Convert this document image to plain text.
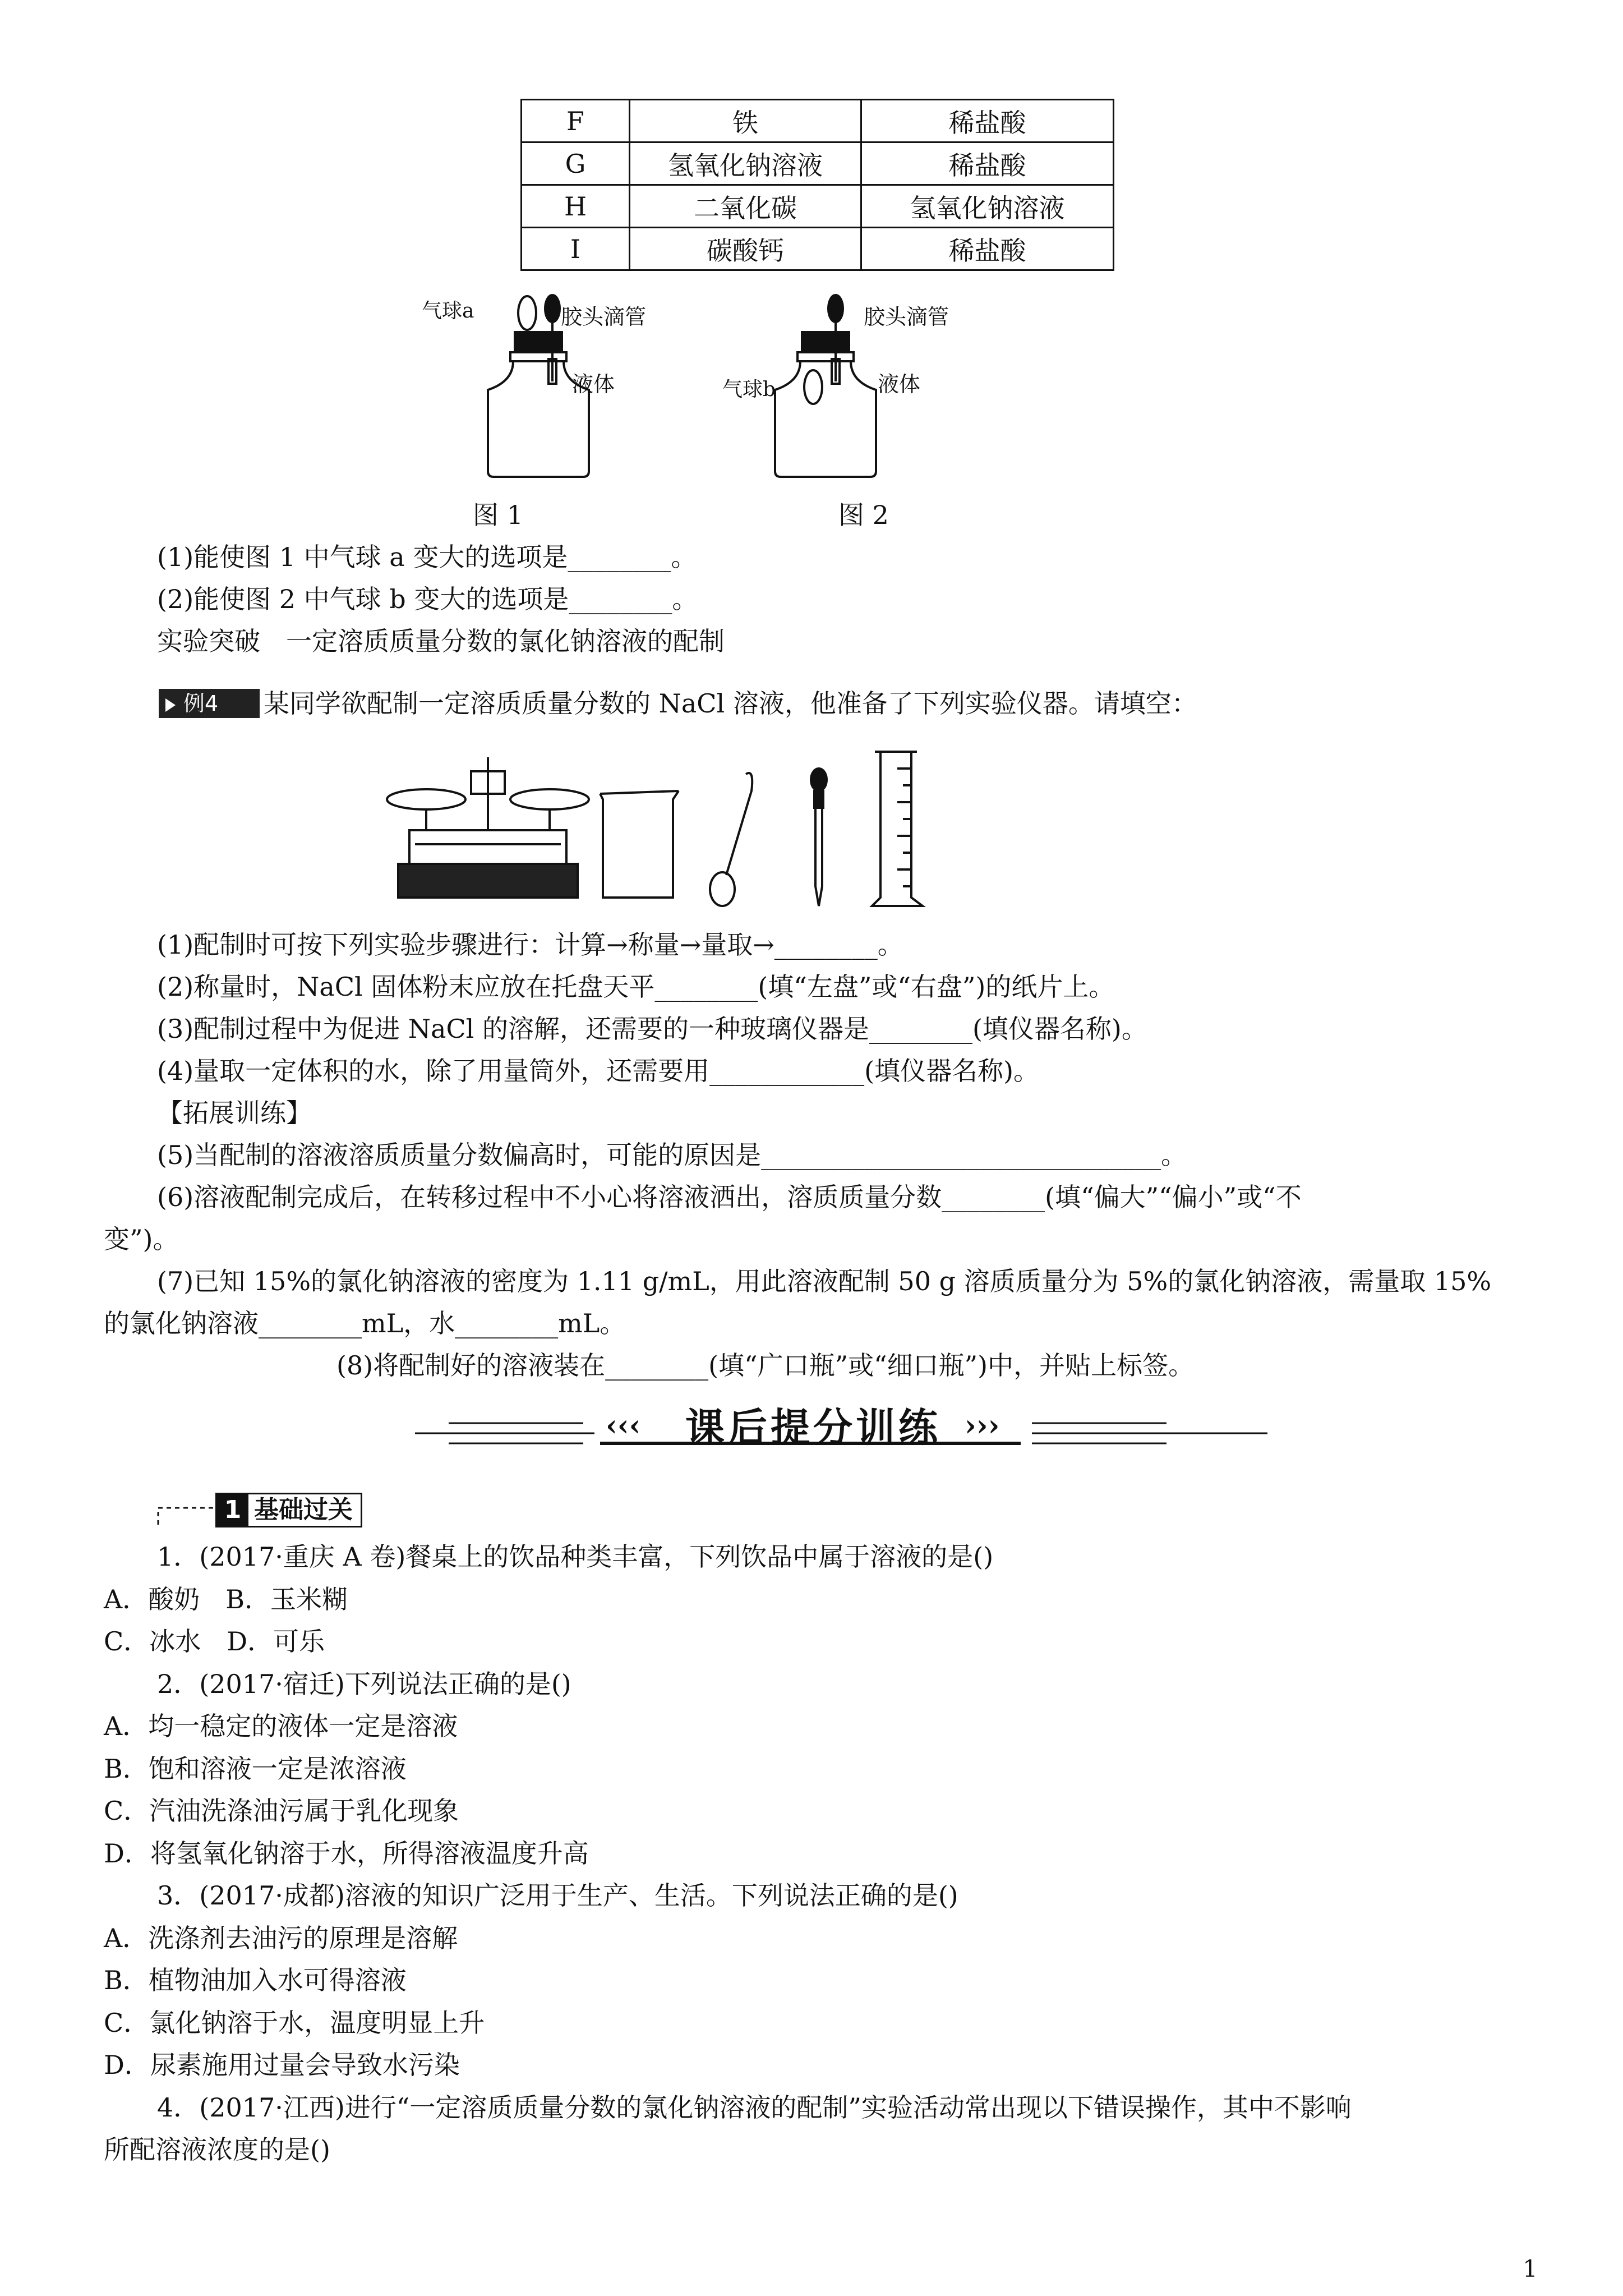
F	铁	稀盐酸
G	氢氧化钠溶液	稀盐酸
H	二氧化碳	氢氧化钠溶液
I	碳酸钙	稀盐酸
气球a	胶头滴管
液体
图 1
胶头滴管
气球b	液体
图 2
(1)能使图 1 中气球 a 变大的选项是________。
(2)能使图 2 中气球 b 变大的选项是________。
实验突破　一定溶质质量分数的氯化钠溶液的配制
例4	某同学欲配制一定溶质质量分数的 NaCl 溶液，他准备了下列实验仪器。请填空：
(1)配制时可按下列实验步骤进行：计算→称量→量取→________。
(2)称量时，NaCl 固体粉末应放在托盘天平________(填“左盘”或“右盘”)的纸片上。
(3)配制过程中为促进 NaCl 的溶解，还需要的一种玻璃仪器是________(填仪器名称)。
(4)量取一定体积的水，除了用量筒外，还需要用____________(填仪器名称)。
【拓展训练】
(5)当配制的溶液溶质质量分数偏高时，可能的原因是_______________________________。
(6)溶液配制完成后，在转移过程中不小心将溶液洒出，溶质质量分数________(填“偏大”“偏小”或“不
变”)。
(7)已知 15%的氯化钠溶液的密度为 1.11 g/mL，用此溶液配制 50 g 溶质质量分为 5%的氯化钠溶液，需量取 15%
的氯化钠溶液________mL，水________mL。
(8)将配制好的溶液装在________(填“广口瓶”或“细口瓶”)中，并贴上标签。
‹‹‹	课后提分训练 ›››
1 基础过关
1．(2017·重庆 A 卷)餐桌上的饮品种类丰富，下列饮品中属于溶液的是()
A．酸奶　B．玉米糊
C．冰水　D．可乐
2．(2017·宿迁)下列说法正确的是()
A．均一稳定的液体一定是溶液
B．饱和溶液一定是浓溶液
C．汽油洗涤油污属于乳化现象
D．将氢氧化钠溶于水，所得溶液温度升高
3．(2017·成都)溶液的知识广泛用于生产、生活。下列说法正确的是()
A．洗涤剂去油污的原理是溶解
B．植物油加入水可得溶液
C．氯化钠溶于水，温度明显上升
D．尿素施用过量会导致水污染
4．(2017·江西)进行“一定溶质质量分数的氯化钠溶液的配制”实验活动常出现以下错误操作，其中不影响
所配溶液浓度的是()
1
